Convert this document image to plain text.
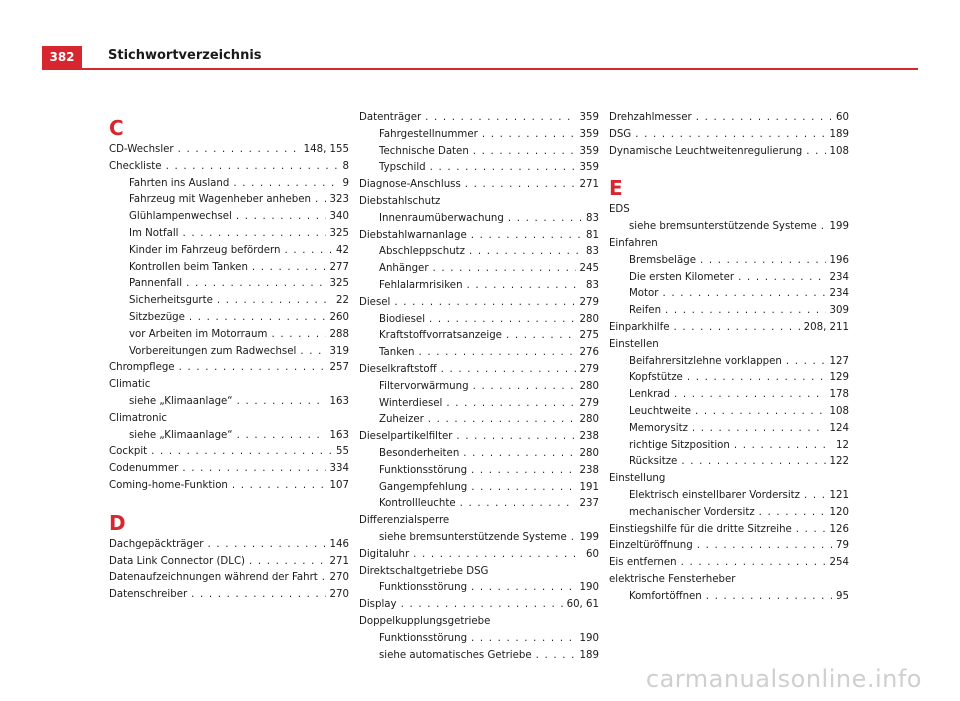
382	Stichwortverzeichnis
C
CD-Wechsler . . .	148, 155
Checkliste . . .	8
Fahrten ins Ausland . . .	9
Fahrzeug mit Wagenheber anheben . . . 323
Glühlampenwechsel . . .	340
Im Notfall . . .	325
Kinder im Fahrzeug befördern . . .	42
Kontrollen beim Tanken . . .	277
Pannenfall . . .	325
Sicherheitsgurte . . .	22
Sitzbezüge . . .	260
vor Arbeiten im Motorraum . . .	288
Vorbereitungen zum Radwechsel . . .	319
Chrompflege . . .	257
Climatic
siehe „Klimaanlage“ . . .	163
Climatronic
siehe „Klimaanlage“ . . .	163
Cockpit . . .	55
Codenummer . . .	334
Coming-home-Funktion . . .	107
D
Dachgepäckträger . . .	146
Data Link Connector (DLC) . . .	271
Datenaufzeichnungen während der Fahrt . . . 270
Datenschreiber . . .	270
Datenträger . . .	359
Fahrgestellnummer . . .	359
Technische Daten . . .	359
Typschild . . .	359
Diagnose-Anschluss . . .	271
Diebstahlschutz
Innenraumüberwachung . . .	83
Diebstahlwarnanlage . . .	81
Abschleppschutz . . .	83
Anhänger . . .	245
Fehlalarmrisiken . . .	83
Diesel . . .	279
Biodiesel . . .	280
Kraftstoffvorratsanzeige . . .	275
Tanken . . .	276
Dieselkraftstoff . . .	279
Filtervorwärmung . . .	280
Winterdiesel . . .	279
Zuheizer . . .	280
Dieselpartikelfilter . . .	238
Besonderheiten . . .	280
Funktionsstörung . . .	238
Gangempfehlung . . .	191
Kontrollleuchte . . .	237
Differenzialsperre
siehe bremsunterstützende Systeme . . . 199
Digitaluhr . . .	60
Direktschaltgetriebe DSG
Funktionsstörung . . .	190
Display . . .	60, 61
Doppelkupplungsgetriebe
Funktionsstörung . . .	190
siehe automatisches Getriebe . . .	189
Drehzahlmesser . . .	60
DSG . . .	189
Dynamische Leuchtweitenregulierung . . .	108
E
EDS
siehe bremsunterstützende Systeme . . . 199
Einfahren
Bremsbeläge . . .	196
Die ersten Kilometer . . .	234
Motor . . .	234
Reifen . . .	309
Einparkhilfe . . .	208, 211
Einstellen
Beifahrersitzlehne vorklappen . . .	127
Kopfstütze . . .	129
Lenkrad . . .	178
Leuchtweite . . .	108
Memorysitz . . .	124
richtige Sitzposition . . .	12
Rücksitze . . .	122
Einstellung
Elektrisch einstellbarer Vordersitz . . .	121
mechanischer Vordersitz . . .	120
Einstiegshilfe für die dritte Sitzreihe . . .	126
Einzeltüröffnung . . .	79
Eis entfernen . . .	254
elektrische Fensterheber
Komfortöffnen . . .	95
carmanualsonline.info
